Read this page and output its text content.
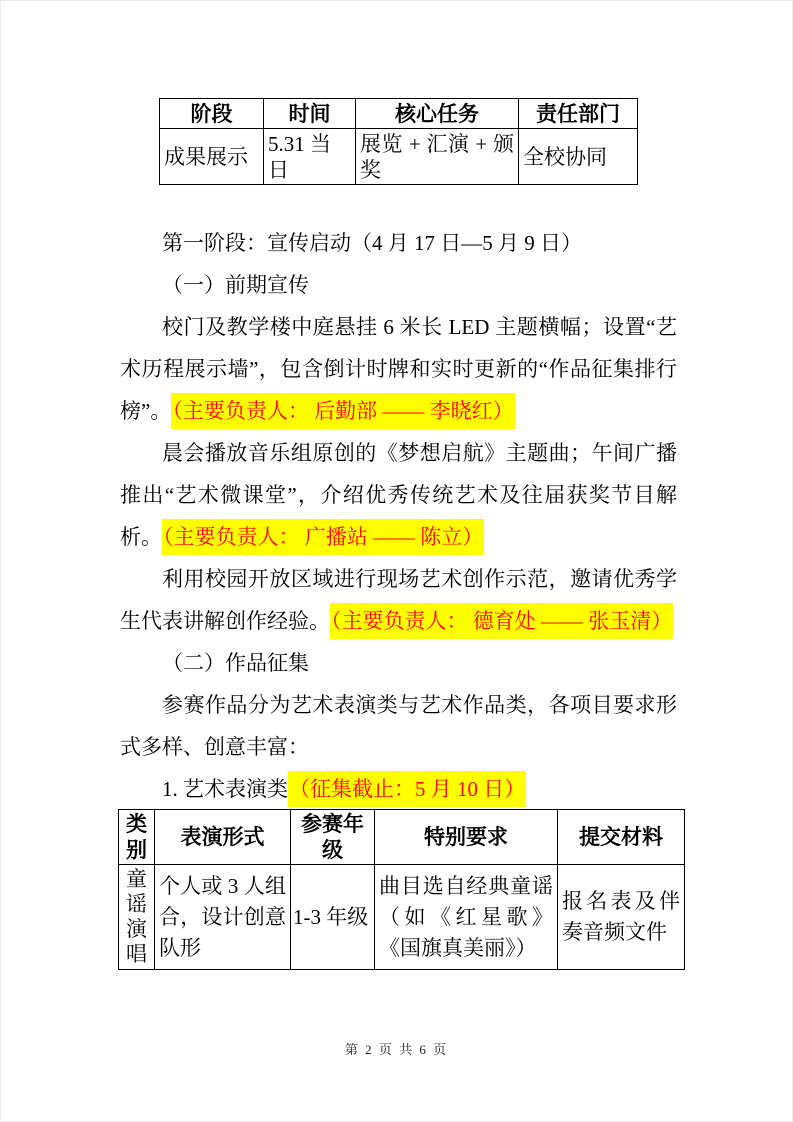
阶段	时间	核心任务	责任部门
成果展示	5.31 当日	展览 + 汇演 + 颁奖	全校协同

第一阶段：宣传启动（4 月 17 日—5 月 9 日）

（一）前期宣传

校门及教学楼中庭悬挂 6 米长 LED 主题横幅；设置“艺术历程展示墙”，包含倒计时牌和实时更新的“作品征集排行榜”。（主要负责人： 后勤部 —— 李晓红）

晨会播放音乐组原创的《梦想启航》主题曲；午间广播推出“艺术微课堂”，介绍优秀传统艺术及往届获奖节目解析。（主要负责人： 广播站 —— 陈立）

利用校园开放区域进行现场艺术创作示范，邀请优秀学生代表讲解创作经验。（主要负责人： 德育处 —— 张玉清）

（二）作品征集

参赛作品分为艺术表演类与艺术作品类，各项目要求形式多样、创意丰富：

1. 艺术表演类（征集截止：5 月 10 日）

类别	表演形式	参赛年级	特别要求	提交材料
童谣演唱	个人或 3 人组合，设计创意队形	1-3 年级	曲目选自经典童谣（如《红星歌》《国旗真美丽》）	报名表及伴奏音频文件
第 2 页 共 6 页
